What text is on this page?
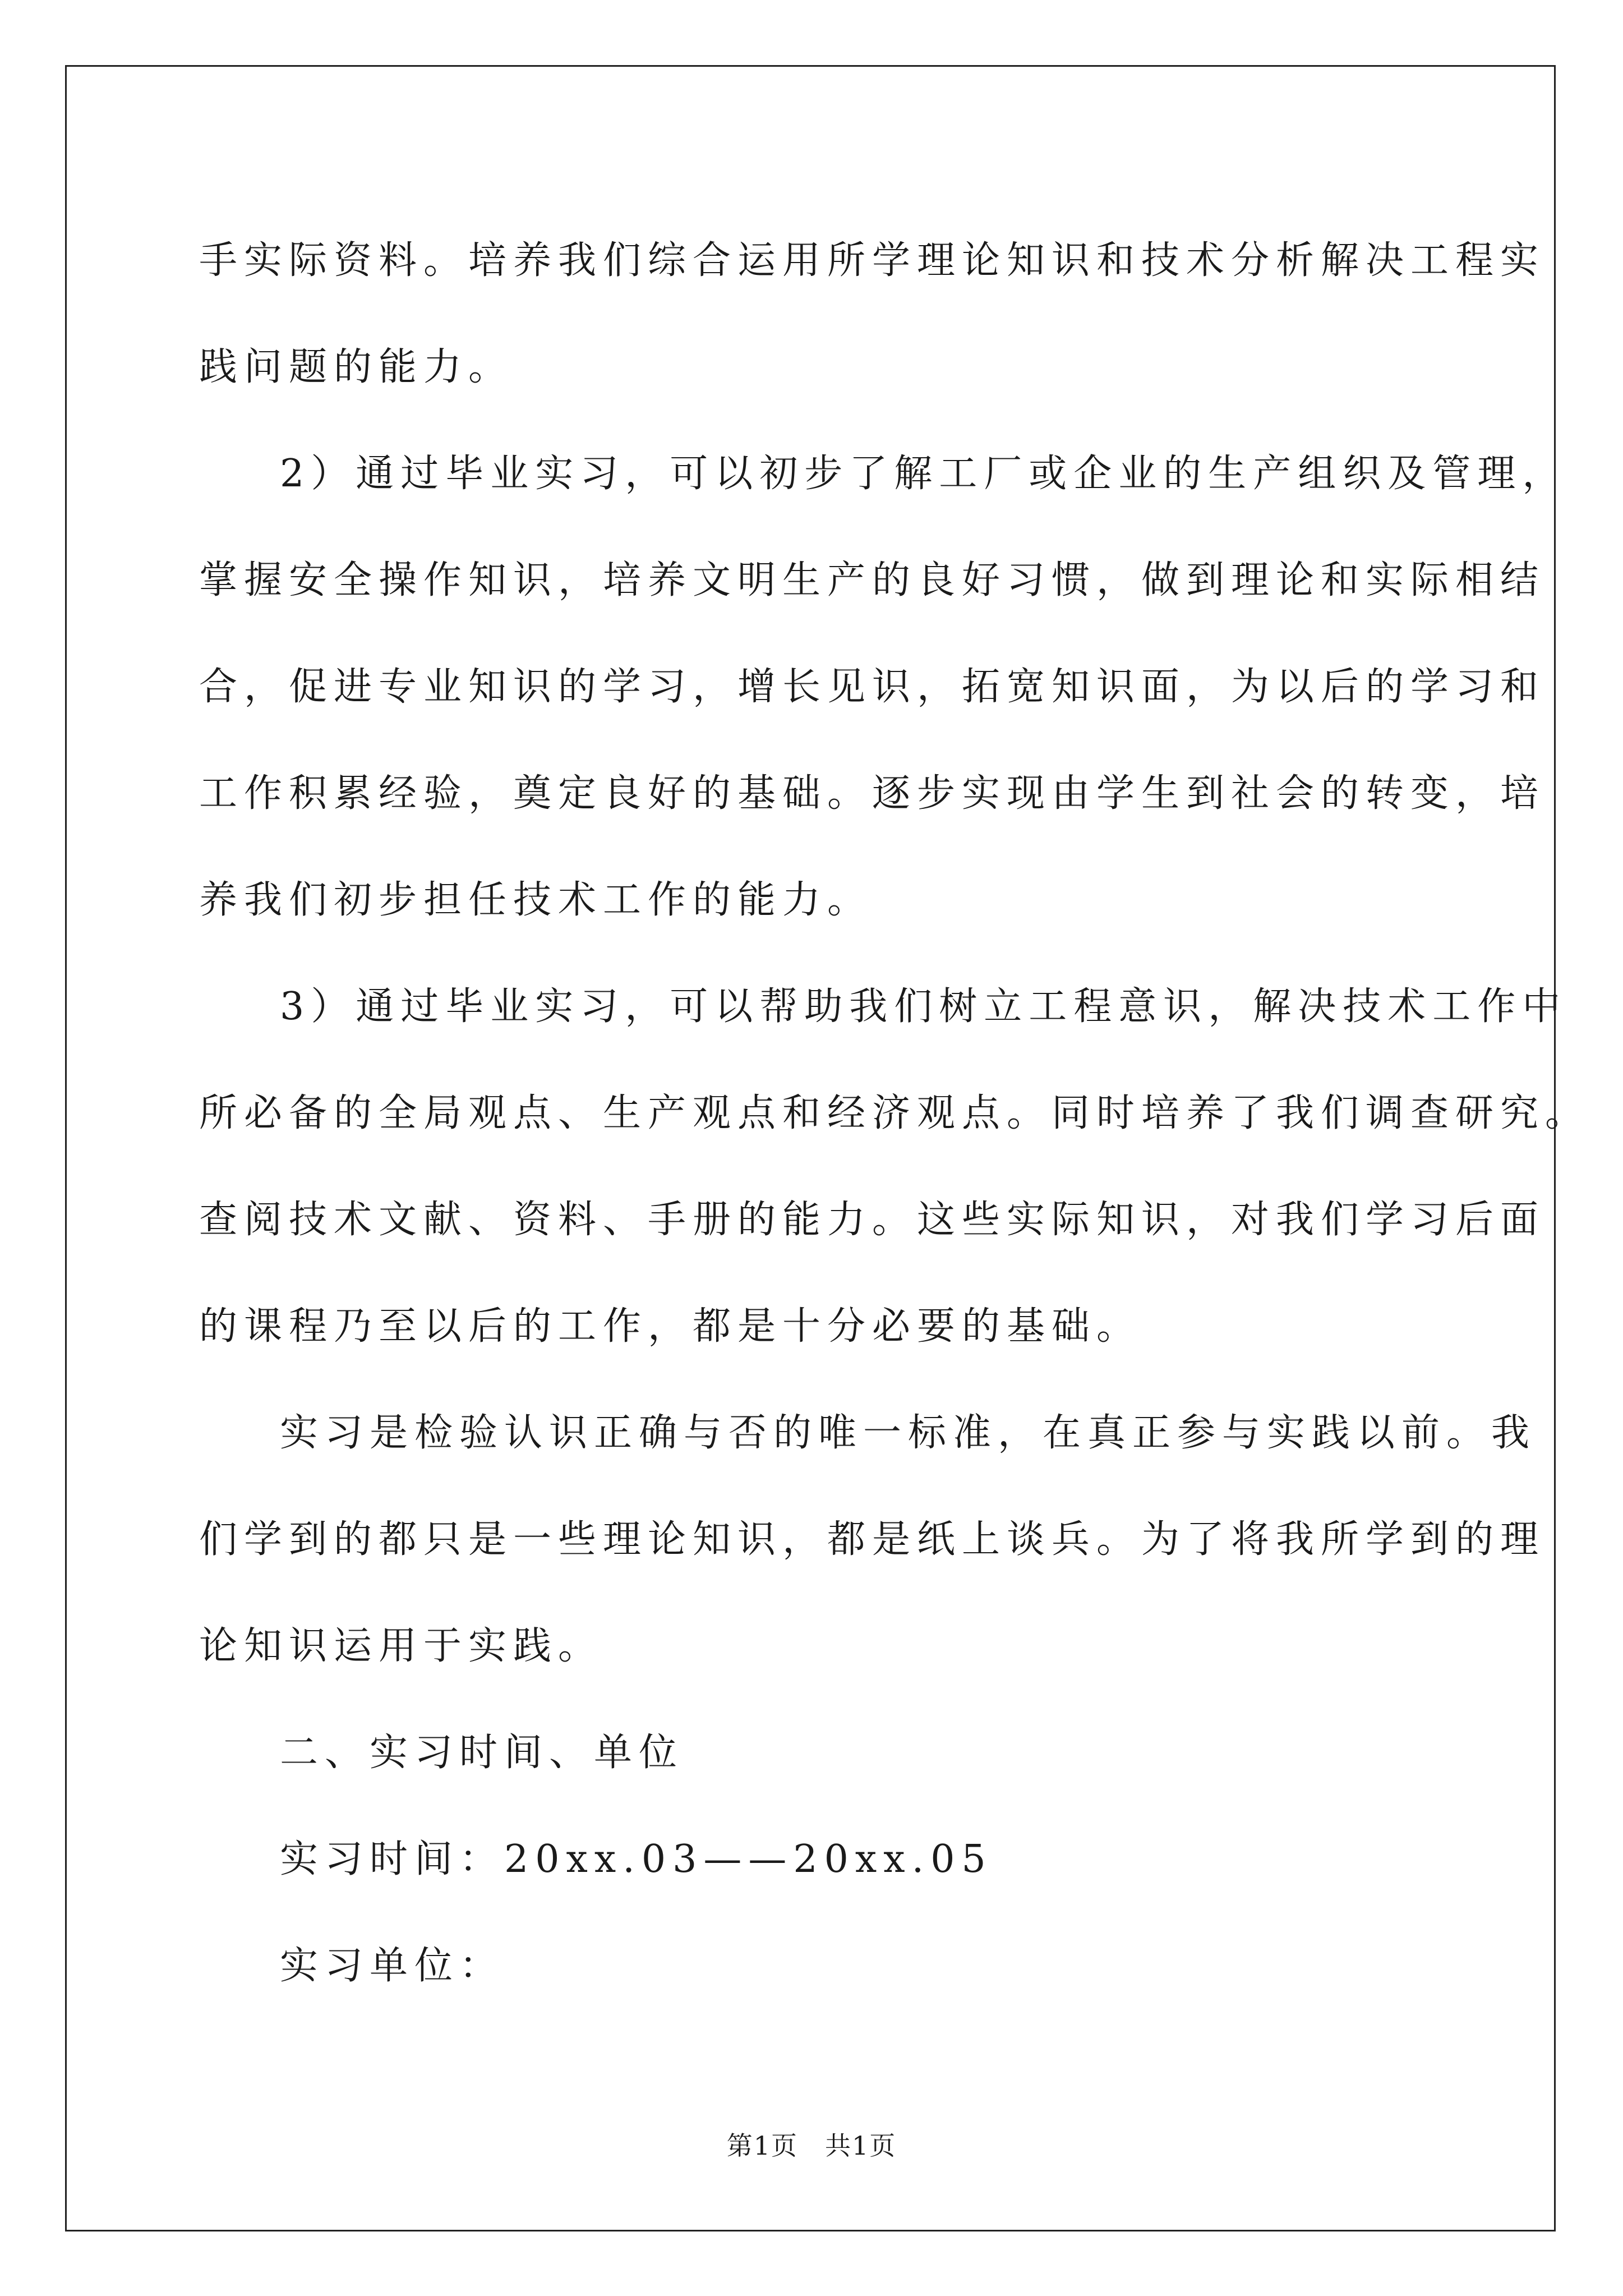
手实际资料。培养我们综合运用所学理论知识和技术分析解决工程实

践问题的能力。

2）通过毕业实习，可以初步了解工厂或企业的生产组织及管理，

掌握安全操作知识，培养文明生产的良好习惯，做到理论和实际相结

合，促进专业知识的学习，增长见识，拓宽知识面，为以后的学习和

工作积累经验，奠定良好的基础。逐步实现由学生到社会的转变，培

养我们初步担任技术工作的能力。

3）通过毕业实习，可以帮助我们树立工程意识，解决技术工作中

所必备的全局观点、生产观点和经济观点。同时培养了我们调查研究。

查阅技术文献、资料、手册的能力。这些实际知识，对我们学习后面

的课程乃至以后的工作，都是十分必要的基础。

实习是检验认识正确与否的唯一标准，在真正参与实践以前。我

们学到的都只是一些理论知识，都是纸上谈兵。为了将我所学到的理

论知识运用于实践。

二、实习时间、单位

实习时间：20xx.03——20xx.05

实习单位：

第1页　共1页
